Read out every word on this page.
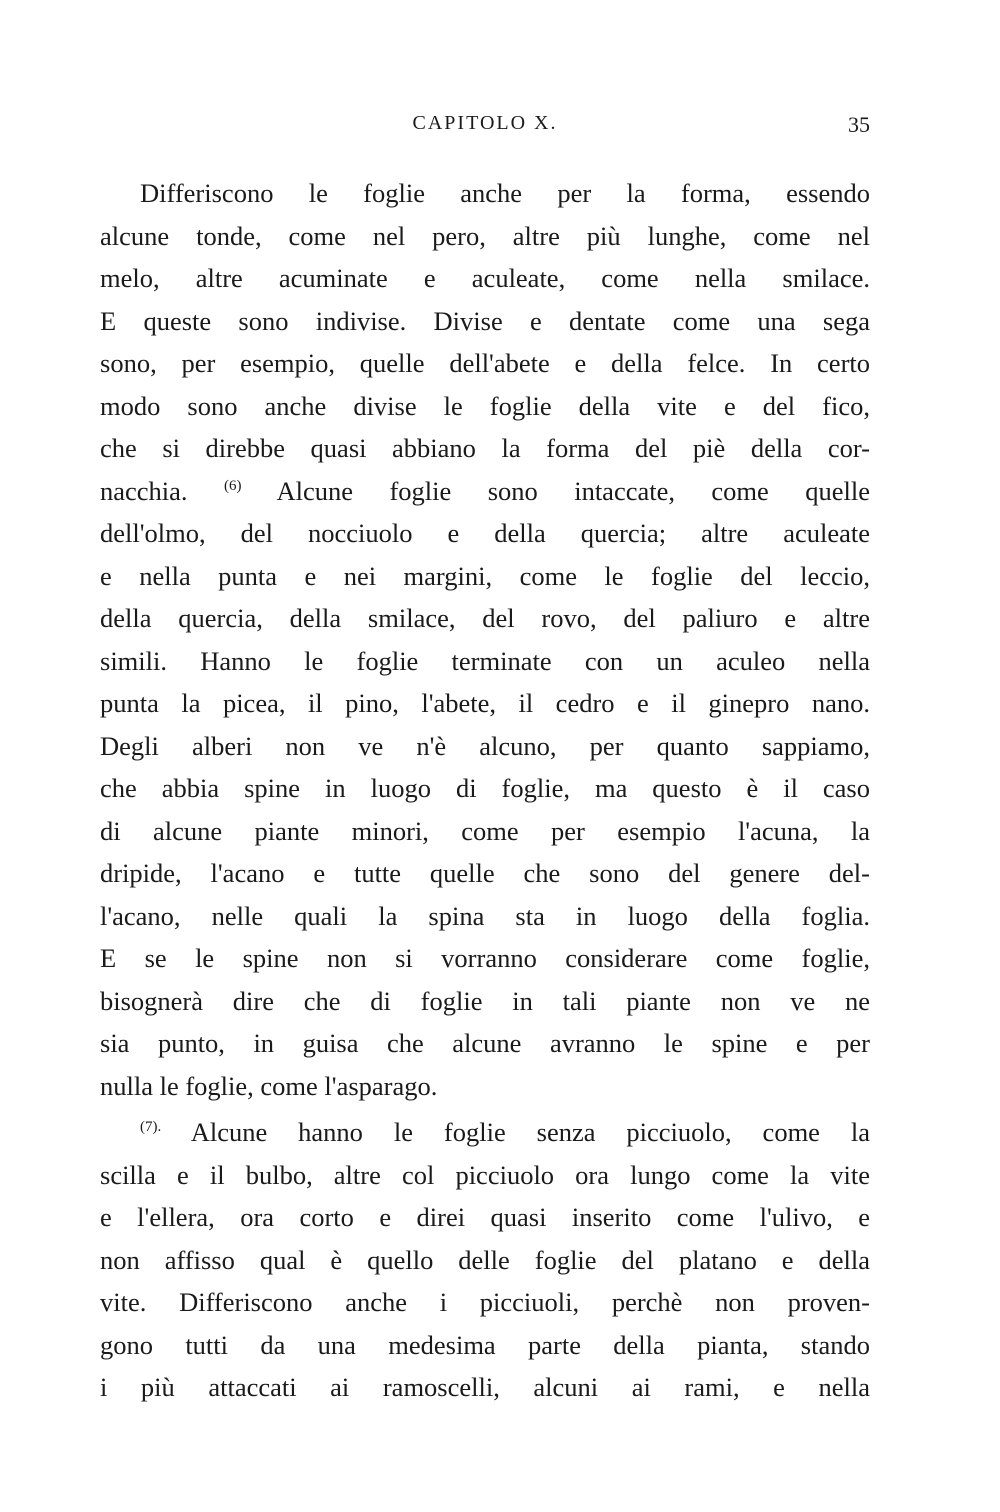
CAPITOLO X.	35
Differiscono le foglie anche per la forma, essendo
alcune tonde, come nel pero, altre più lunghe, come nel
melo, altre acuminate e aculeate, come nella smilace.
E queste sono indivise. Divise e dentate come una sega
sono, per esempio, quelle dell'abete e della felce. In certo
modo sono anche divise le foglie della vite e del fico,
che si direbbe quasi abbiano la forma del piè della cor-
nacchia. $^{(6)}$ Alcune foglie sono intaccate, come quelle
dell'olmo, del nocciuolo e della quercia; altre aculeate
e nella punta e nei margini, come le foglie del leccio,
della quercia, della smilace, del rovo, del paliuro e altre
simili. Hanno le foglie terminate con un aculeo nella
punta la picea, il pino, l'abete, il cedro e il ginepro nano.
Degli alberi non ve n'è alcuno, per quanto sappiamo,
che abbia spine in luogo di foglie, ma questo è il caso
di alcune piante minori, come per esempio l'acuna, la
dripide, l'acano e tutte quelle che sono del genere del-
l'acano, nelle quali la spina sta in luogo della foglia.
E se le spine non si vorranno considerare come foglie,
bisognerà dire che di foglie in tali piante non ve ne
sia punto, in guisa che alcune avranno le spine e per
nulla le foglie, come l'asparago.
$^{(7).}$ Alcune hanno le foglie senza picciuolo, come la
scilla e il bulbo, altre col picciuolo ora lungo come la vite
e l'ellera, ora corto e direi quasi inserito come l'ulivo, e
non affisso qual è quello delle foglie del platano e della
vite. Differiscono anche i picciuoli, perchè non proven-
gono tutti da una medesima parte della pianta, stando
i più attaccati ai ramoscelli, alcuni ai rami, e nella
